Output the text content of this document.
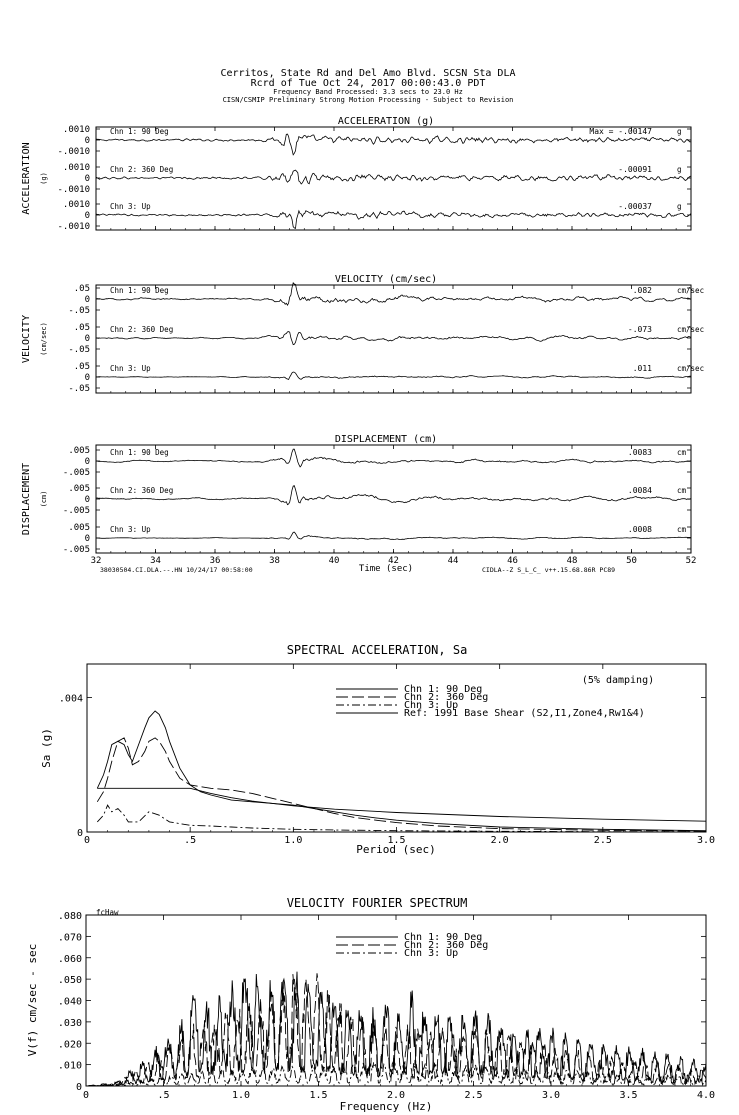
Cerritos, State Rd and Del Amo Blvd. SCSN Sta DLA
Rcrd of Tue Oct 24, 2017 00:00:43.0 PDT
Frequency Band Processed: 3.3 secs to 23.0 Hz
CISN/CSMIP Preliminary Strong Motion Processing - Subject to Revision
ACCELERATION (g)
ACCELERATION (g)
.0010
0
-.0010
Chn 1: 90 Deg	Max = -.00147	g
.0010
0
-.0010
Chn 2: 360 Deg	-.00091	g
.0010
0
-.0010
Chn 3: Up	-.00037	g
VELOCITY (cm/sec)
VELOCITY (cm/sec)
.05
0
-.05
Chn 1: 90 Deg	.082	cm/sec
.05
0
-.05
Chn 2: 360 Deg	-.073	cm/sec
.05
0
-.05
Chn 3: Up	.011	cm/sec
DISPLACEMENT (cm)
DISPLACEMENT (cm)
.005
0
-.005
Chn 1: 90 Deg	.0083	cm
.005
0
-.005
Chn 2: 360 Deg	.0084	cm
.005
0
-.005
Chn 3: Up	.0008	cm
32	34	36	38	40	42	44	46	48	50	52
Time (sec)
38030504.CI.DLA.--.HN 10/24/17 00:58:00	CIDLA--Z S_L_C_ v++.15.68.86R PC89
SPECTRAL ACCELERATION, Sa
(5% damping)
Sa (g)
Period (sec)
0	.5	1.0	1.5	2.0	2.5	3.0
0
.004
Chn 1: 90 Deg
Chn 2: 360 Deg
Chn 3: Up
Ref: 1991 Base Shear (S2,I1,Zone4,Rw1&4)
VELOCITY FOURIER SPECTRUM
fcHaw
V(f) cm/sec - sec
Frequency (Hz)
0	.5	1.0	1.5	2.0	2.5	3.0	3.5	4.0
0
.010
.020
.030
.040
.050
.060
.070
.080
Chn 1: 90 Deg
Chn 2: 360 Deg
Chn 3: Up
